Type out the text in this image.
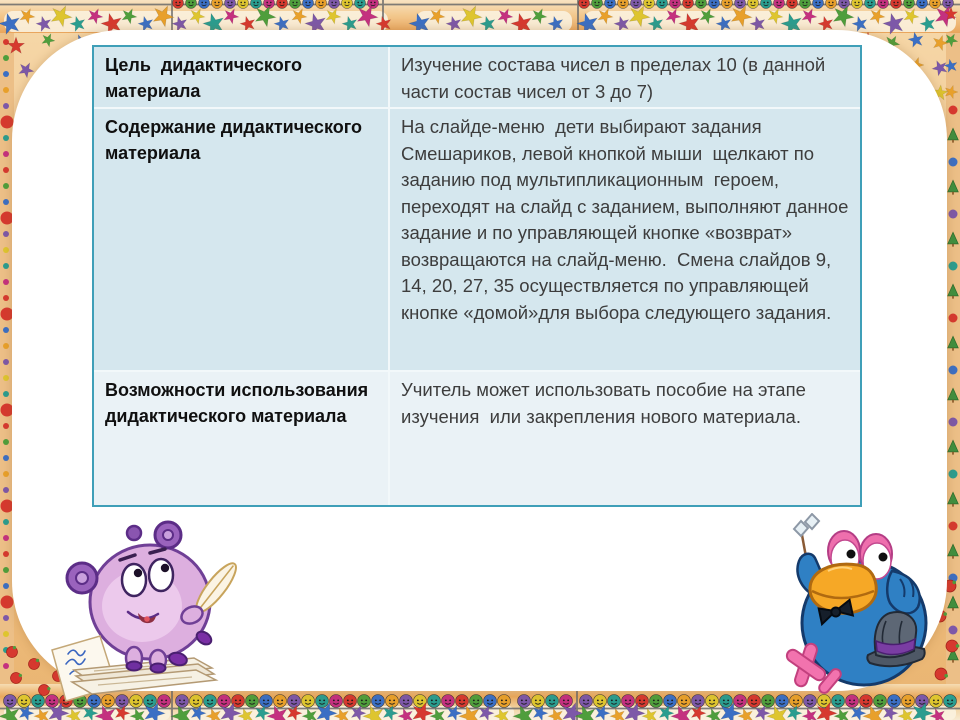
Цель  дидактического материала
Изучение состава чисел в пределах 10 (в данной части состав чисел от 3 до 7)
Содержание дидактического материала
На слайде-меню  дети выбирают задания Смешариков, левой кнопкой мыши  щелкают по заданию под мультипликационным  героем, переходят на слайд с заданием, выполняют данное задание и по управляющей кнопке «возврат» возвращаются на слайд-меню.  Смена слайдов 9, 14, 20, 27, 35 осуществляется по управляющей кнопке «домой»для выбора следующего задания.
Возможности использования дидактического материала
Учитель может использовать пособие на этапе изучения  или закрепления нового материала.
